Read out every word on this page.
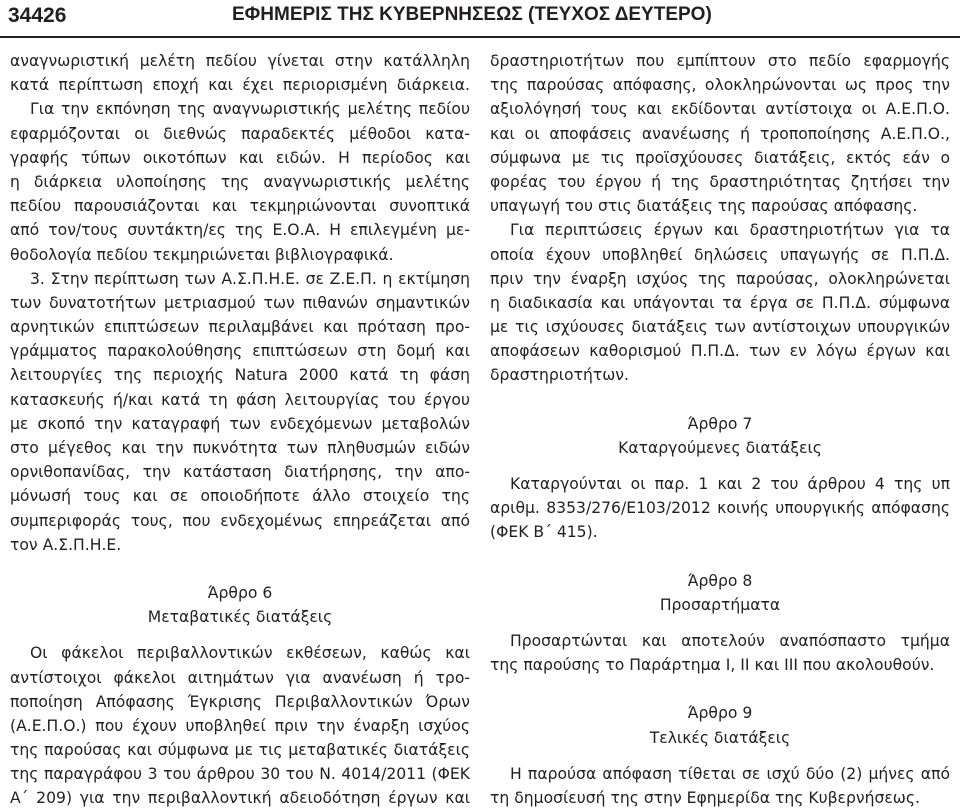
34426	ΕΦΗΜΕΡΙΣ ΤΗΣ ΚΥΒΕΡΝΗΣΕΩΣ (ΤΕΥΧΟΣ ΔΕΥΤΕΡΟ)
αναγνωριστική μελέτη πεδίου γίνεται στην κατάλληλη
κατά περίπτωση εποχή και έχει περιορισμένη διάρκεια.
Για την εκπόνηση της αναγνωριστικής μελέτης πεδίου
εφαρμόζονται οι διεθνώς παραδεκτές μέθοδοι κατα-
γραφής τύπων οικοτόπων και ειδών. Η περίοδος και
η διάρκεια υλοποίησης της αναγνωριστικής μελέτης
πεδίου παρουσιάζονται και τεκμηριώνονται συνοπτικά
από τον/τους συντάκτη/ες της Ε.Ο.Α. Η επιλεγμένη με-
θοδολογία πεδίου τεκμηριώνεται βιβλιογραφικά.
3. Στην περίπτωση των Α.Σ.Π.Η.Ε. σε Ζ.Ε.Π. η εκτίμηση
των δυνατοτήτων μετριασμού των πιθανών σημαντικών
αρνητικών επιπτώσεων περιλαμβάνει και πρόταση προ-
γράμματος παρακολούθησης επιπτώσεων στη δομή και
λειτουργίες της περιοχής Natura 2000 κατά τη φάση
κατασκευής ή/και κατά τη φάση λειτουργίας του έργου
με σκοπό την καταγραφή των ενδεχόμενων μεταβολών
στο μέγεθος και την πυκνότητα των πληθυσμών ειδών
ορνιθοπανίδας, την κατάσταση διατήρησης, την απο-
μόνωσή τους και σε οποιοδήποτε άλλο στοιχείο της
συμπεριφοράς τους, που ενδεχομένως επηρεάζεται από
τον Α.Σ.Π.Η.Ε.
Άρθρο 6
Μεταβατικές διατάξεις
Οι φάκελοι περιβαλλοντικών εκθέσεων, καθώς και
αντίστοιχοι φάκελοι αιτημάτων για ανανέωση ή τρο-
ποποίηση Απόφασης Έγκρισης Περιβαλλοντικών Όρων
(Α.Ε.Π.Ο.) που έχουν υποβληθεί πριν την έναρξη ισχύος
της παρούσας και σύμφωνα με τις μεταβατικές διατάξεις
της παραγράφου 3 του άρθρου 30 του Ν. 4014/2011 (ΦΕΚ
Α΄ 209) για την περιβαλλοντική αδειοδότηση έργων και
δραστηριοτήτων που εμπίπτουν στο πεδίο εφαρμογής
της παρούσας απόφασης, ολοκληρώνονται ως προς την
αξιολόγησή τους και εκδίδονται αντίστοιχα οι Α.Ε.Π.Ο.
και οι αποφάσεις ανανέωσης ή τροποποίησης Α.Ε.Π.Ο.,
σύμφωνα με τις προϊσχύουσες διατάξεις, εκτός εάν ο
φορέας του έργου ή της δραστηριότητας ζητήσει την
υπαγωγή του στις διατάξεις της παρούσας απόφασης.
Για περιπτώσεις έργων και δραστηριοτήτων για τα
οποία έχουν υποβληθεί δηλώσεις υπαγωγής σε Π.Π.Δ.
πριν την έναρξη ισχύος της παρούσας, ολοκληρώνεται
η διαδικασία και υπάγονται τα έργα σε Π.Π.Δ. σύμφωνα
με τις ισχύουσες διατάξεις των αντίστοιχων υπουργικών
αποφάσεων καθορισμού Π.Π.Δ. των εν λόγω έργων και
δραστηριοτήτων.
Άρθρο 7
Καταργούμενες διατάξεις
Καταργούνται οι παρ. 1 και 2 του άρθρου 4 της υπ
αριθμ. 8353/276/Ε103/2012 κοινής υπουργικής απόφασης
(ΦΕΚ Β΄ 415).
Άρθρο 8
Προσαρτήματα
Προσαρτώνται και αποτελούν αναπόσπαστο τμήμα
της παρούσης το Παράρτημα Ι, ΙΙ και ΙΙΙ που ακολουθούν.
Άρθρο 9
Τελικές διατάξεις
Η παρούσα απόφαση τίθεται σε ισχύ δύο (2) μήνες από
τη δημοσίευσή της στην Εφημερίδα της Κυβερνήσεως.
